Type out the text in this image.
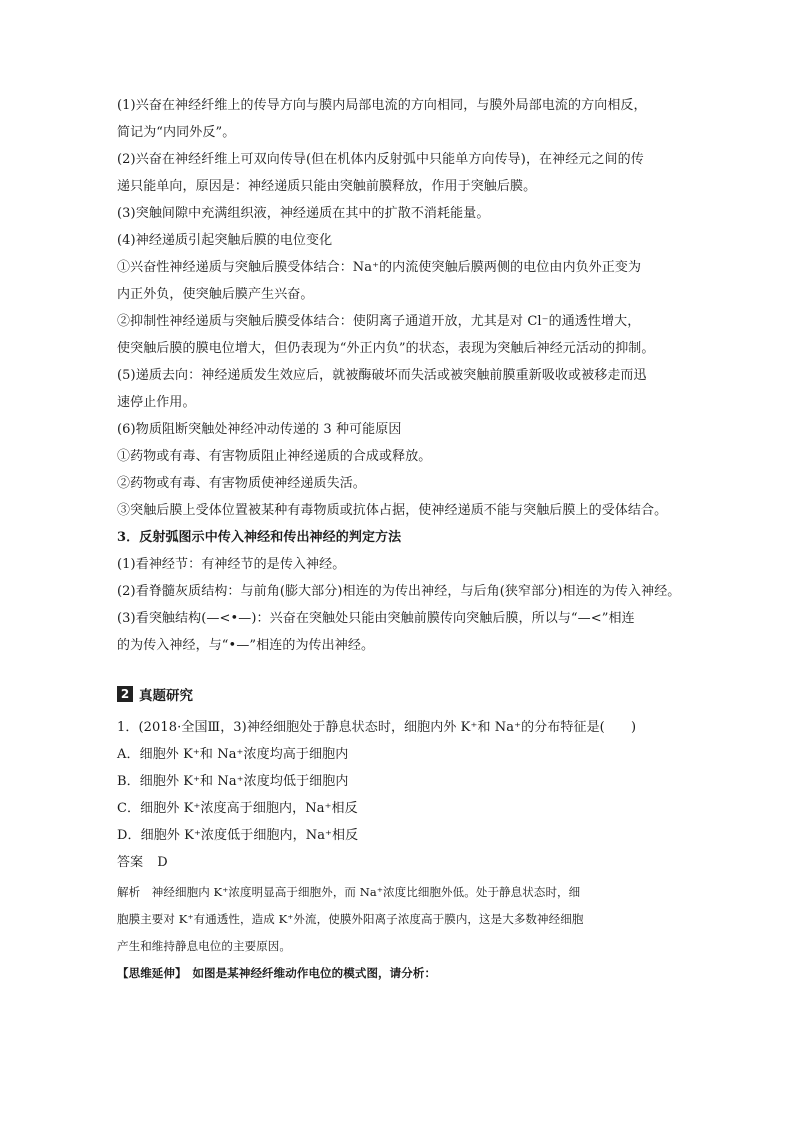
(1)兴奋在神经纤维上的传导方向与膜内局部电流的方向相同，与膜外局部电流的方向相反，
简记为“内同外反”。
(2)兴奋在神经纤维上可双向传导(但在机体内反射弧中只能单方向传导)，在神经元之间的传
递只能单向，原因是：神经递质只能由突触前膜释放，作用于突触后膜。
(3)突触间隙中充满组织液，神经递质在其中的扩散不消耗能量。
(4)神经递质引起突触后膜的电位变化
①兴奋性神经递质与突触后膜受体结合：Na⁺的内流使突触后膜两侧的电位由内负外正变为
内正外负，使突触后膜产生兴奋。
②抑制性神经递质与突触后膜受体结合：使阴离子通道开放，尤其是对 Cl⁻的通透性增大，
使突触后膜的膜电位增大，但仍表现为“外正内负”的状态，表现为突触后神经元活动的抑制。
(5)递质去向：神经递质发生效应后，就被酶破坏而失活或被突触前膜重新吸收或被移走而迅
速停止作用。
(6)物质阻断突触处神经冲动传递的 3 种可能原因
①药物或有毒、有害物质阻止神经递质的合成或释放。
②药物或有毒、有害物质使神经递质失活。
③突触后膜上受体位置被某种有毒物质或抗体占据，使神经递质不能与突触后膜上的受体结合。
3．反射弧图示中传入神经和传出神经的判定方法
(1)看神经节：有神经节的是传入神经。
(2)看脊髓灰质结构：与前角(膨大部分)相连的为传出神经，与后角(狭窄部分)相连的为传入神经。
(3)看突触结构(—<•—)：兴奋在突触处只能由突触前膜传向突触后膜，所以与“—<”相连
的为传入神经，与“•—”相连的为传出神经。
2 真题研究
1．(2018·全国Ⅲ，3)神经细胞处于静息状态时，细胞内外 K⁺和 Na⁺的分布特征是(　　)
A．细胞外 K⁺和 Na⁺浓度均高于细胞内
B．细胞外 K⁺和 Na⁺浓度均低于细胞内
C．细胞外 K⁺浓度高于细胞内，Na⁺相反
D．细胞外 K⁺浓度低于细胞内，Na⁺相反
答案 D
解析　神经细胞内 K⁺浓度明显高于细胞外，而 Na⁺浓度比细胞外低。处于静息状态时，细
胞膜主要对 K⁺有通透性，造成 K⁺外流，使膜外阳离子浓度高于膜内，这是大多数神经细胞
产生和维持静息电位的主要原因。
【思维延伸】　如图是某神经纤维动作电位的模式图，请分析：
